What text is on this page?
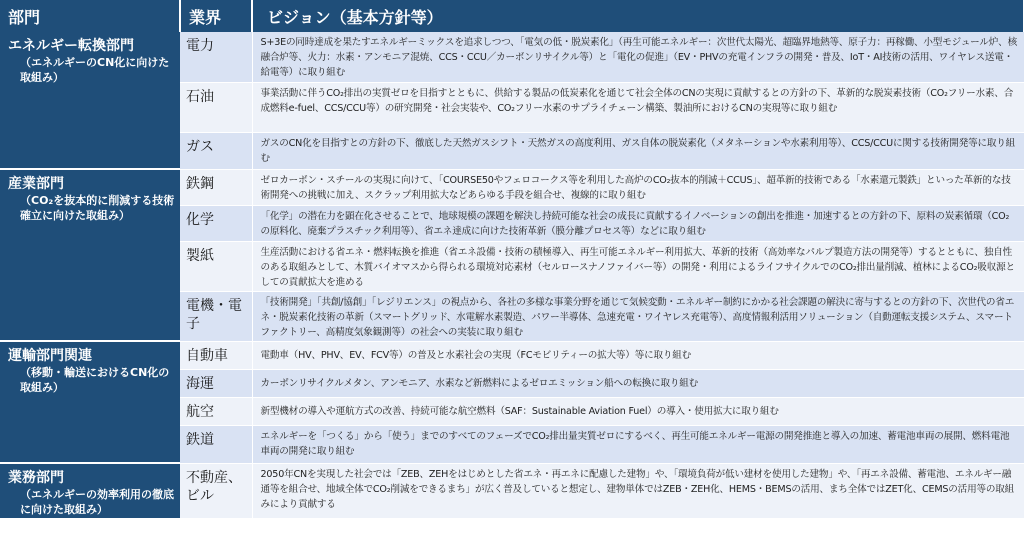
部門	業界	ビジョン（基本方針等）

エネルギー転換部門
（エネルギーのCN化に向けた取組み）	電力	S+3Eの同時達成を果たすエネルギーミックスを追求しつつ、「電気の低・脱炭素化」（再生可能エネルギー：次世代太陽光、超臨界地熱等、原子力：再稼働、小型モジュール炉、核融合炉等、火力：水素・アンモニア混焼、CCS・CCU／カーボンリサイクル等）と「電化の促進」（EV・PHVの充電インフラの開発・普及、IoT・AI技術の活用、ワイヤレス送電・給電等）に取り組む
	石油	事業活動に伴うCO₂排出の実質ゼロを目指すとともに、供給する製品の低炭素化を通じて社会全体のCNの実現に貢献するとの方針の下、革新的な脱炭素技術（CO₂フリー水素、合成燃料e-fuel、CCS/CCU等）の研究開発・社会実装や、CO₂フリー水素のサプライチェーン構築、製油所におけるCNの実現等に取り組む
	ガス	ガスのCN化を目指すとの方針の下、徹底した天然ガスシフト・天然ガスの高度利用、ガス自体の脱炭素化（メタネーションや水素利用等）、CCS/CCUに関する技術開発等に取り組む

産業部門
（CO₂を抜本的に削減する技術確立に向けた取組み）	鉄鋼	ゼロカーボン・スチールの実現に向けて、「COURSE50やフェロコークス等を利用した高炉のCO₂抜本的削減＋CCUS」、超革新的技術である「水素還元製鉄」といった革新的な技術開発への挑戦に加え、スクラップ利用拡大などあらゆる手段を組合せ、複線的に取り組む
	化学	「化学」の潜在力を顕在化させることで、地球規模の課題を解決し持続可能な社会の成長に貢献するイノベーションの創出を推進・加速するとの方針の下、原料の炭素循環（CO₂の原料化、廃棄プラスチック利用等）、省エネ達成に向けた技術革新（膜分離プロセス等）などに取り組む
	製紙	生産活動における省エネ・燃料転換を推進（省エネ設備・技術の積極導入、再生可能エネルギー利用拡大、革新的技術（高効率なパルプ製造方法の開発等）するとともに、独自性のある取組みとして、木質バイオマスから得られる環境対応素材（セルロースナノファイバー等）の開発・利用によるライフサイクルでのCO₂排出量削減、植林によるCO₂吸収源としての貢献拡大を進める
	電機・電子	「技術開発」「共創/協創」「レジリエンス」の視点から、各社の多様な事業分野を通じて気候変動・エネルギー制約にかかる社会課題の解決に寄与するとの方針の下、次世代の省エネ・脱炭素化技術の革新（スマートグリッド、水電解水素製造、パワー半導体、急速充電・ワイヤレス充電等）、高度情報利活用ソリューション（自動運転支援システム、スマートファクトリー、高精度気象観測等）の社会への実装に取り組む

運輸部門関連
（移動・輸送におけるCN化の取組み）	自動車	電動車（HV、PHV、EV、FCV等）の普及と水素社会の実現（FCモビリティーの拡大等）等に取り組む
	海運	カーボンリサイクルメタン、アンモニア、水素など新燃料によるゼロエミッション船への転換に取り組む
	航空	新型機材の導入や運航方式の改善、持続可能な航空燃料（SAF：Sustainable Aviation Fuel）の導入・使用拡大に取り組む
	鉄道	エネルギーを「つくる」から「使う」までのすべてのフェーズでCO₂排出量実質ゼロにするべく、再生可能エネルギー電源の開発推進と導入の加速、蓄電池車両の展開、燃料電池車両の開発に取り組む

業務部門
（エネルギーの効率利用の徹底に向けた取組み）	不動産、ビル	2050年CNを実現した社会では「ZEB、ZEHをはじめとした省エネ・再エネに配慮した建物」や、「環境負荷が低い建材を使用した建物」や、「再エネ設備、蓄電池、エネルギー融通等を組合せ、地域全体でCO₂削減をできるまち」が広く普及していると想定し、建物単体ではZEB・ZEH化、HEMS・BEMSの活用、まち全体ではZET化、CEMSの活用等の取組みにより貢献する
